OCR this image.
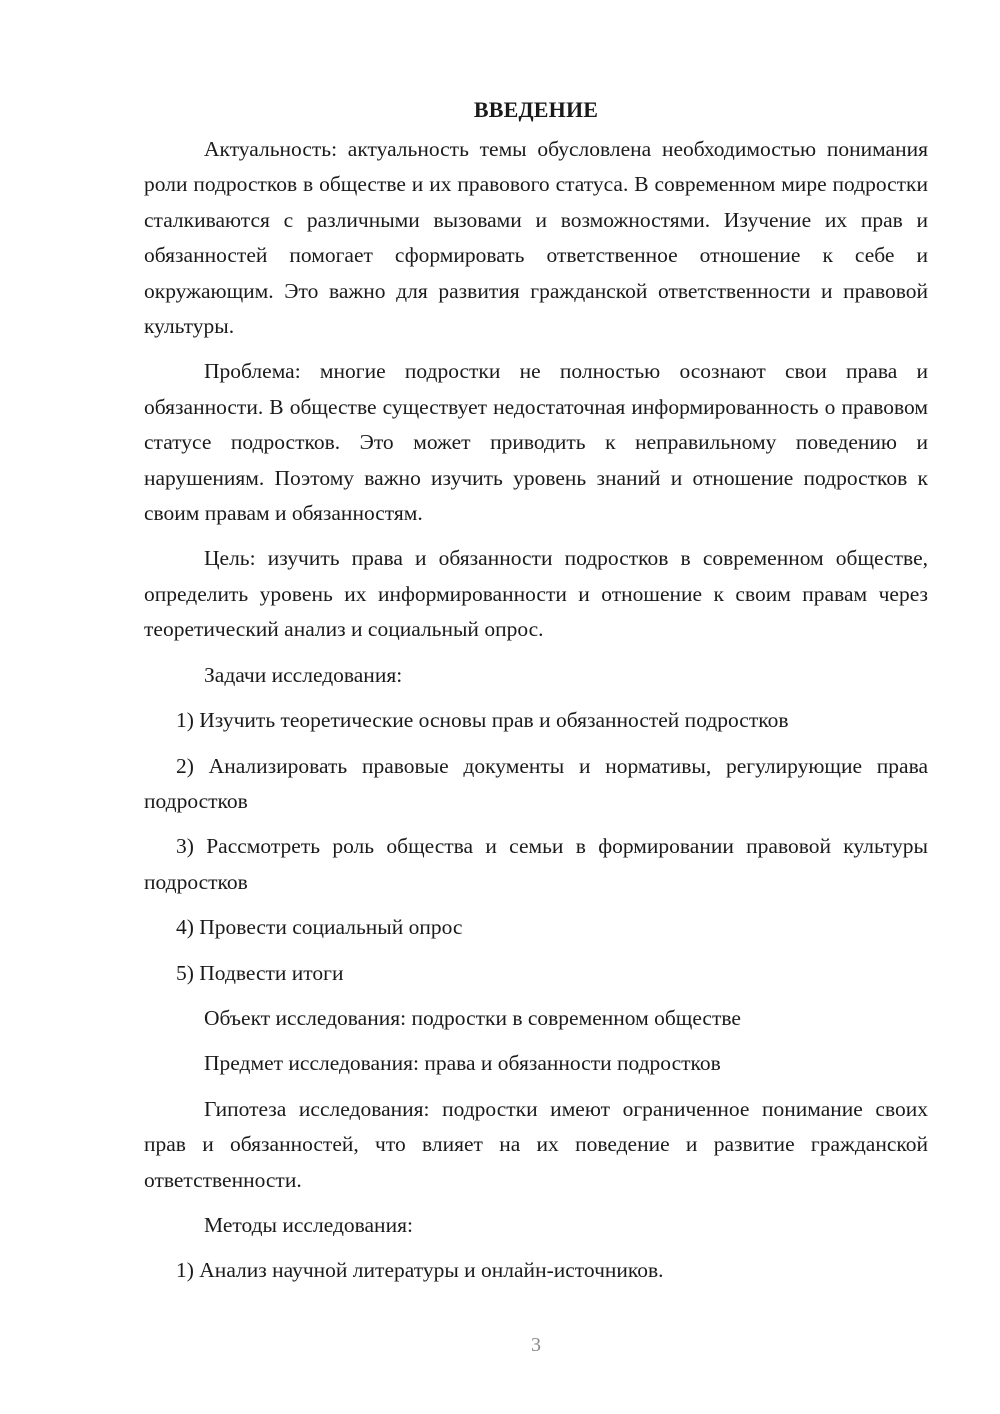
ВВЕДЕНИЕ

Актуальность: актуальность темы обусловлена необходимостью понимания роли подростков в обществе и их правового статуса. В современном мире подростки сталкиваются с различными вызовами и возможностями. Изучение их прав и обязанностей помогает сформировать ответственное отношение к себе и окружающим. Это важно для развития гражданской ответственности и правовой культуры.

Проблема: многие подростки не полностью осознают свои права и обязанности. В обществе существует недостаточная информированность о правовом статусе подростков. Это может приводить к неправильному поведению и нарушениям. Поэтому важно изучить уровень знаний и отношение подростков к своим правам и обязанностям.

Цель: изучить права и обязанности подростков в современном обществе, определить уровень их информированности и отношение к своим правам через теоретический анализ и социальный опрос.

Задачи исследования:

1) Изучить теоретические основы прав и обязанностей подростков

2) Анализировать правовые документы и нормативы, регулирующие права подростков

3) Рассмотреть роль общества и семьи в формировании правовой культуры подростков

4) Провести социальный опрос

5) Подвести итоги

Объект исследования: подростки в современном обществе

Предмет исследования: права и обязанности подростков

Гипотеза исследования: подростки имеют ограниченное понимание своих прав и обязанностей, что влияет на их поведение и развитие гражданской ответственности.

Методы исследования:

1) Анализ научной литературы и онлайн-источников.

3
